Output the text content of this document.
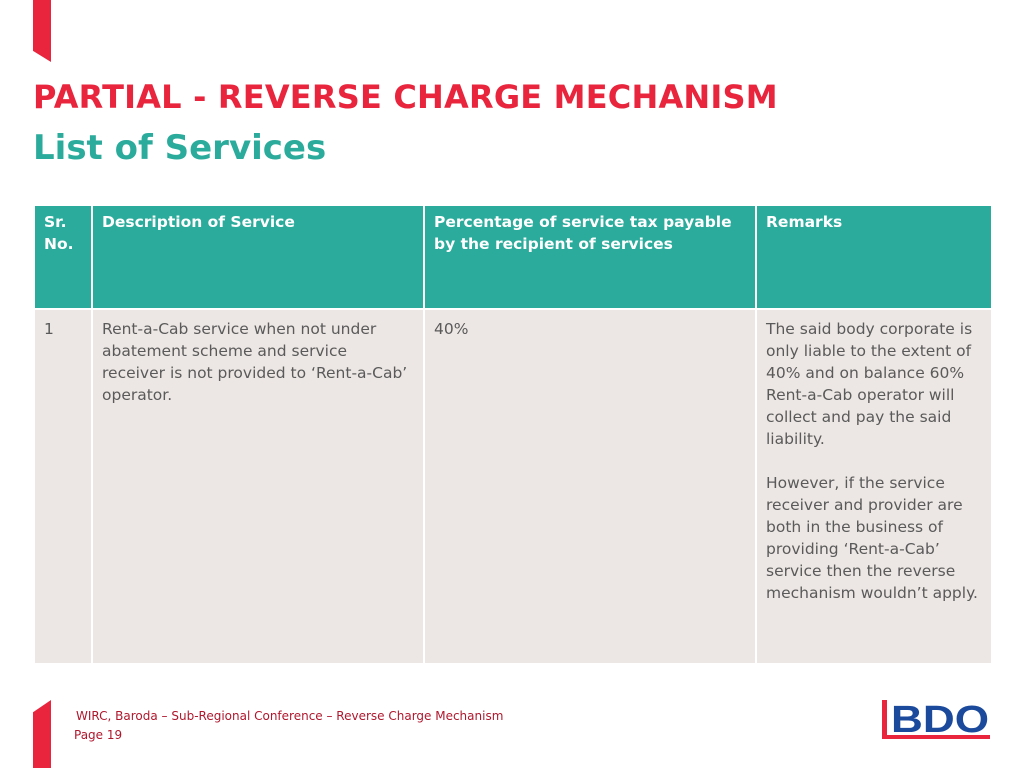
PARTIAL - REVERSE CHARGE MECHANISM
List of Services
Sr. No.	Description of Service	Percentage of service tax payable by the recipient of services	Remarks
1	Rent-a-Cab service when not under abatement scheme and service receiver is not provided to ‘Rent-a-Cab’ operator.	40%	The said body corporate is only liable to the extent of 40% and on balance 60% Rent-a-Cab operator will collect and pay the said liability.

However, if the service receiver and provider are both in the business of providing ‘Rent-a-Cab’ service then the reverse mechanism wouldn’t apply.

WIRC, Baroda – Sub-Regional Conference – Reverse Charge Mechanism
Page 19	BDO
